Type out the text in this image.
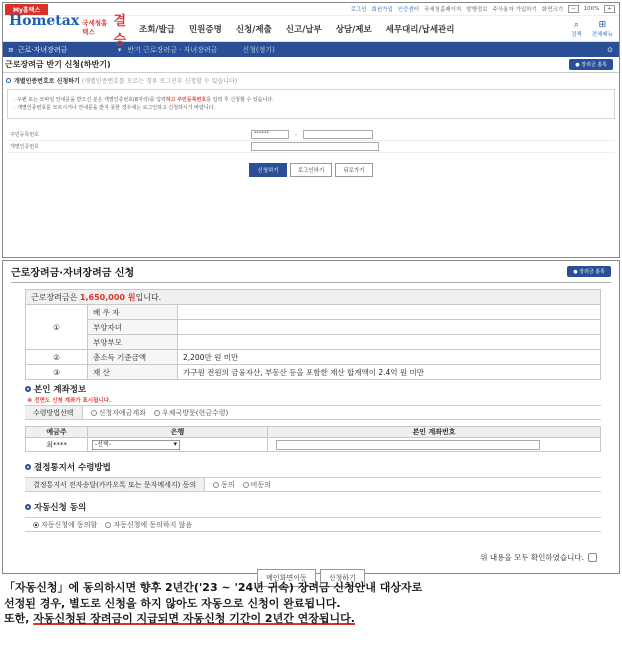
My홈택스	로그인 회원가입 인증센터 국세청홈페이지 발행정보 주사용자 가입하기 화면크기	−	100%	+
Hometax 국세청홈택스
결승
조회/발급 민원증명 신청/제출 신고/납부 상담/제보 세무대리/납세관리	⌕
검색
⊞
전체메뉴
≡ 근로·자녀장려금	▾ 반기 근로장려금 · 자녀장려금	신청(정기)	⊙
근로장려금 반기 신청(하반기)	● 장려금 홈톡
개별인증번호로 신청하기 (개별인증번호를 모르는 경우 로그인후 신청할 수 있습니다)
· 우편 또는 모바일 안내문을 받으신 분은 개별인증번호(8자리)를 입력하고 주민등록번호를 입력 후 신청할 수 있습니다.
· 개별인증번호를 모르시거나 안내문을 받지 못한 경우에는 로그인하고 신청하시기 바랍니다.
주민등록번호	******	-
개별인증번호
신청하기	로그인하기	뒤로가기
근로장려금·자녀장려금 신청	● 장려금 홈톡
근로장려금은 1,650,000 원입니다.		
①	배 우 자	
	부양자녀	
	부양부모	
②	총소득 기준금액	2,200만 원 미만
③	재 산	가구원 전원의 금융자산, 부동산 등을 포함한 재산 합계액이 2.4억 원 미만
본인 계좌정보
※ 전면도 신청 계좌가 표시됩니다.
수령방법선택	신청자예금계좌 우체국방문(현금수령)
예금주	은행	본인 계좌번호
최****	-선택- ▾	
결정통지서 수령방법
결정통지서 전자송달(카카오톡 또는 문자메세지) 동의	동의 비동의
자동신청 동의
자동신청에 동의함 자동신청에 동의하지 않음
위 내용을 모두 확인하였습니다.
메인화면이동	신청하기
「자동신청」에 동의하시면 향후 2년간('23 ~ '24년 귀속) 장려금 신청안내 대상자로
선정된 경우, 별도로 신청을 하지 않아도 자동으로 신청이 완료됩니다.
또한, 자동신청된 장려금이 지급되면 자동신청 기간이 2년간 연장됩니다.
